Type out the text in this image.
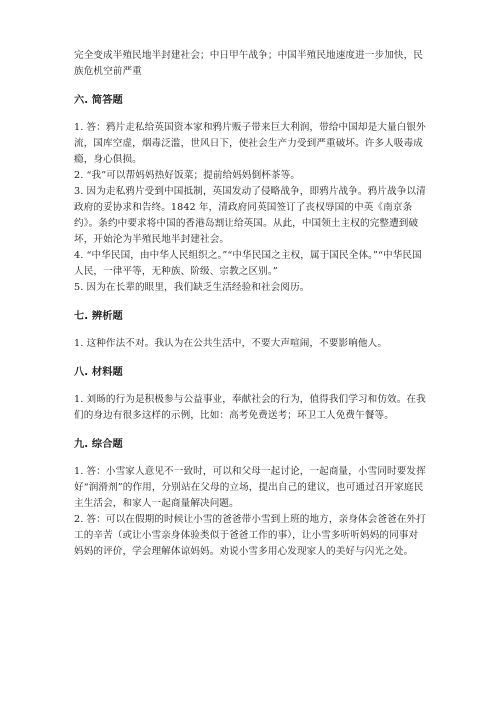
完全变成半殖民地半封建社会；中日甲午战争；中国半殖民地速度进一步加快，民族危机空前严重

六. 简答题

1. 答：鸦片走私给英国资本家和鸦片贩子带来巨大利润，带给中国却是大量白银外流，国库空虚，烟毒泛滥，世风日下，使社会生产力受到严重破坏。许多人吸毒成瘾，身心俱损。

2. “我”可以帮妈妈热好饭菜；提前给妈妈倒杯茶等。

3. 因为走私鸦片受到中国抵制，英国发动了侵略战争，即鸦片战争。鸦片战争以清政府的妥协求和告终。1842 年，清政府同英国签订了丧权辱国的中英《南京条约》。条约中要求将中国的香港岛割让给英国。从此，中国领土主权的完整遭到破坏，开始沦为半殖民地半封建社会。

4. “中华民国，由中华人民组织之。”“中华民国之主权，属于国民全体。”“中华民国人民，一律平等，无种族、阶级、宗教之区别。”

5. 因为在长辈的眼里，我们缺乏生活经验和社会阅历。

七. 辨析题

1. 这种作法不对。我认为在公共生活中，不要大声喧闹，不要影响他人。

八. 材料题

1. 刘旸的行为是积极参与公益事业，奉献社会的行为，值得我们学习和仿效。在我们的身边有很多这样的示例，比如：高考免费送考；环卫工人免费午餐等。

九. 综合题

1. 答：小雪家人意见不一致时，可以和父母一起讨论，一起商量，小雪同时要发挥好“润滑剂”的作用，分别站在父母的立场，提出自己的建议，也可通过召开家庭民主生活会，和家人一起商量解决问题。

2. 答：可以在假期的时候让小雪的爸爸带小雪到上班的地方，亲身体会爸爸在外打工的辛苦（或让小雪亲身体验类似于爸爸工作的事），让小雪多听听妈妈的同事对妈妈的评价，学会理解体谅妈妈。劝说小雪多用心发现家人的美好与闪光之处。
